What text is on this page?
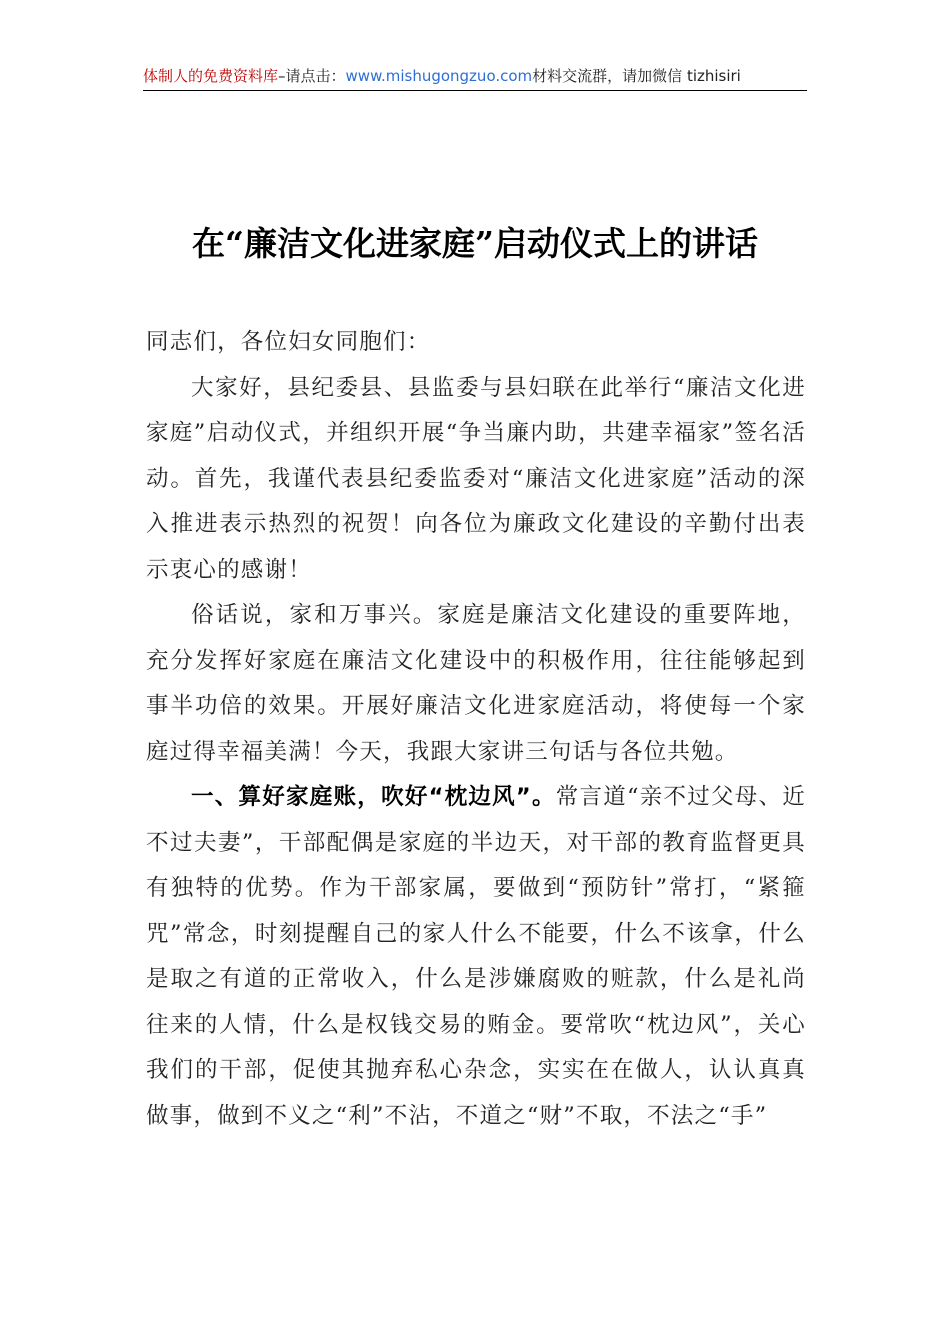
体制人的免费资料库–请点击：www.mishugongzuo.com材料交流群，请加微信 tizhisiri
在“廉洁文化进家庭”启动仪式上的讲话

同志们，各位妇女同胞们：

大家好，县纪委县、县监委与县妇联在此举行“廉洁文化进家庭”启动仪式，并组织开展“争当廉内助，共建幸福家”签名活动。首先，我谨代表县纪委监委对“廉洁文化进家庭”活动的深入推进表示热烈的祝贺！向各位为廉政文化建设的辛勤付出表示衷心的感谢！

俗话说，家和万事兴。家庭是廉洁文化建设的重要阵地，充分发挥好家庭在廉洁文化建设中的积极作用，往往能够起到事半功倍的效果。开展好廉洁文化进家庭活动，将使每一个家庭过得幸福美满！今天，我跟大家讲三句话与各位共勉。

一、算好家庭账，吹好“枕边风”。常言道“亲不过父母、近不过夫妻”，干部配偶是家庭的半边天，对干部的教育监督更具有独特的优势。作为干部家属，要做到“预防针”常打，“紧箍咒”常念，时刻提醒自己的家人什么不能要，什么不该拿，什么是取之有道的正常收入，什么是涉嫌腐败的赃款，什么是礼尚往来的人情，什么是权钱交易的贿金。要常吹“枕边风”，关心我们的干部，促使其抛弃私心杂念，实实在在做人，认认真真做事，做到不义之“利”不沾，不道之“财”不取，不法之“手”
